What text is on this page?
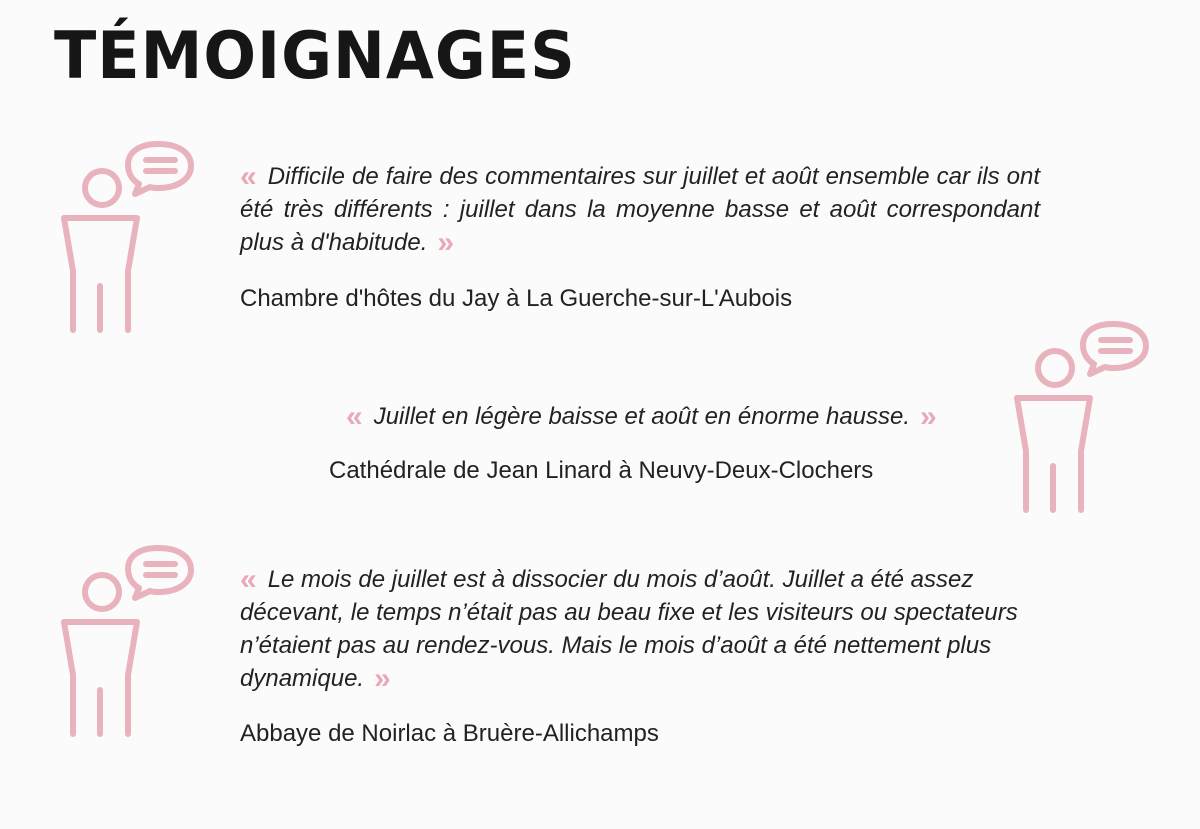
TÉMOIGNAGES
« Difficile de faire des commentaires sur juillet et août ensemble car ils ont été très différents : juillet dans la moyenne basse et août correspondant plus à d'habitude. »
Chambre d'hôtes du Jay à La Guerche-sur-L'Aubois
« Juillet en légère baisse et août en énorme hausse. »
Cathédrale de Jean Linard à Neuvy-Deux-Clochers
« Le mois de juillet est à dissocier du mois d’août. Juillet a été assez décevant, le temps n’était pas au beau fixe et les visiteurs ou spectateurs n’étaient pas au rendez-vous. Mais le mois d’août a été nettement plus dynamique. »
Abbaye de Noirlac à Bruère-Allichamps
